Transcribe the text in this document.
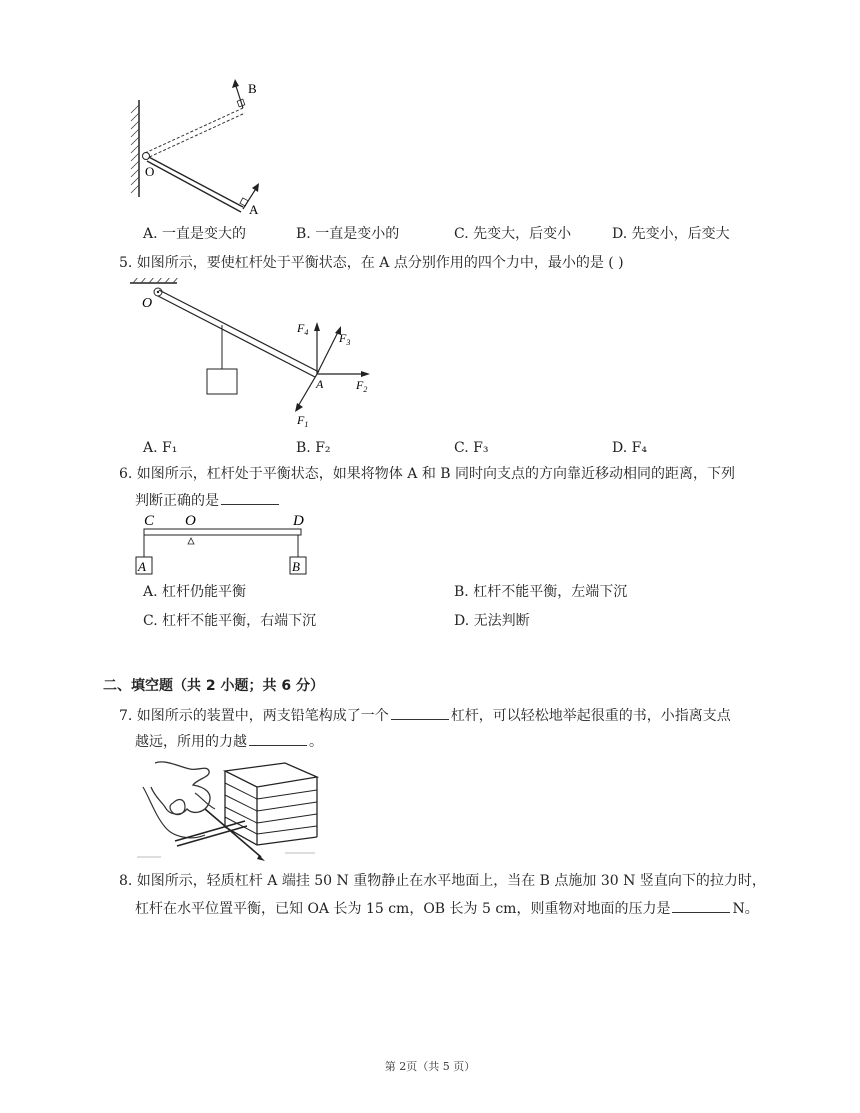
B
O
A
A. 一直是变大的	B. 一直是变小的	C. 先变大，后变小	D. 先变小，后变大
5. 如图所示，要使杠杆处于平衡状态，在 A 点分别作用的四个力中，最小的是 ( )
O
A
$F_4$	$F_3$
$F_2$
$F_1$
A. F₁	B. F₂	C. F₃	D. F₄
6. 如图所示，杠杆处于平衡状态，如果将物体 A 和 B 同时向支点的方向靠近移动相同的距离，下列
判断正确的是
C O	D
A	B
A. 杠杆仍能平衡	B. 杠杆不能平衡，左端下沉
C. 杠杆不能平衡，右端下沉	D. 无法判断
二、填空题（共 2 小题；共 6 分）
7. 如图所示的装置中，两支铅笔构成了一个	杠杆，可以轻松地举起很重的书，小指离支点
越远，所用的力越	。
8. 如图所示，轻质杠杆 A 端挂 50 N 重物静止在水平地面上，当在 B 点施加 30 N 竖直向下的拉力时，
杠杆在水平位置平衡，已知 OA 长为 15 cm，OB 长为 5 cm，则重物对地面的压力是	N。
第 2页（共 5 页）
